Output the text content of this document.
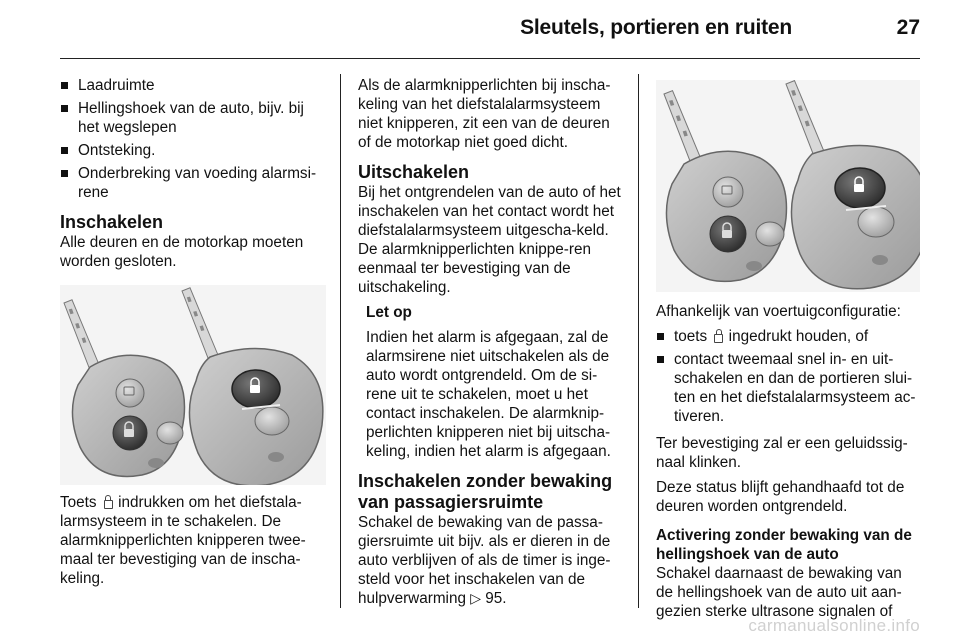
Sleutels, portieren en ruiten	27
Laadruimte
Hellingshoek van de auto, bijv. bij het wegslepen
Ontsteking.
Onderbreking van voeding alarmsi-rene
Inschakelen

Alle deuren en de motorkap moeten worden gesloten.

Toets indrukken om het diefstala-larmsysteem in te schakelen. De alarmknipperlichten knipperen twee-maal ter bevestiging van de inscha-keling.

Als de alarmknipperlichten bij inscha-keling van het diefstalalarmsysteem niet knipperen, zit een van de deuren of de motorkap niet goed dicht.

Uitschakelen

Bij het ontgrendelen van de auto of het inschakelen van het contact wordt het diefstalalarmsysteem uitgescha-keld. De alarmknipperlichten knippe-ren eenmaal ter bevestiging van de uitschakeling.

Let op

Indien het alarm is afgegaan, zal de alarmsirene niet uitschakelen als de auto wordt ontgrendeld. Om de si-rene uit te schakelen, moet u het contact inschakelen. De alarmknip-perlichten knipperen niet bij uitscha-keling, indien het alarm is afgegaan.

Inschakelen zonder bewaking van passagiersruimte

Schakel de bewaking van de passa-giersruimte uit bijv. als er dieren in de auto verblijven of als de timer is inge-steld voor het inschakelen van de hulpverwarming ▷ 95.

Afhankelijk van voertuigconfiguratie:

toets ingedrukt houden, of
contact tweemaal snel in- en uit-schakelen en dan de portieren slui-ten en het diefstalalarmsysteem ac-tiveren.

Ter bevestiging zal er een geluidssig-naal klinken.

Deze status blijft gehandhaafd tot de deuren worden ontgrendeld.

Activering zonder bewaking van de hellingshoek van de auto

Schakel daarnaast de bewaking van de hellingshoek van de auto uit aan-gezien sterke ultrasone signalen of

carmanualsonline.info
